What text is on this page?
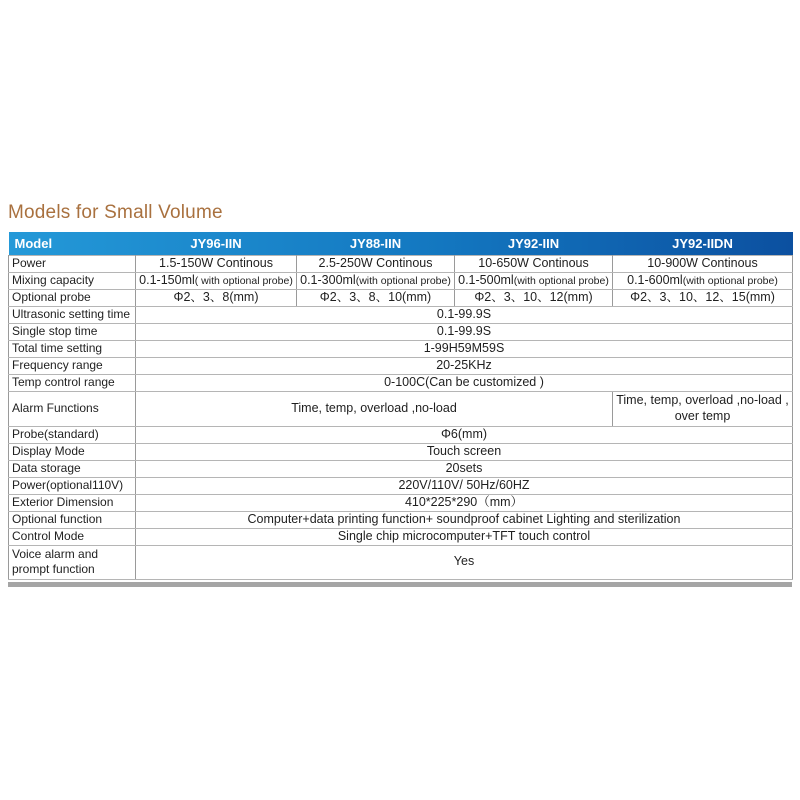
Models for Small Volume
Model	JY96-IIN	JY88-IIN	JY92-IIN	JY92-IIDN
Power	1.5-150W Continous	2.5-250W Continous	10-650W Continous	10-900W Continous
Mixing capacity	0.1-150ml( with optional probe)	0.1-300ml(with optional probe)	0.1-500ml(with optional probe)	0.1-600ml(with optional probe)
Optional probe	Φ2、3、8(mm)	Φ2、3、8、10(mm)	Φ2、3、10、12(mm)	Φ2、3、10、12、15(mm)
Ultrasonic setting time	0.1-99.9S			
Single stop time	0.1-99.9S			
Total time setting	1-99H59M59S			
Frequency range	20-25KHz			
Temp control range	0-100C(Can be customized )			
Alarm Functions	Time, temp, overload ,no-load			Time, temp, overload ,no-load , over temp
Probe(standard)	Φ6(mm)			
Display Mode	Touch screen			
Data storage	20sets			
Power(optional110V)	220V/110V/ 50Hz/60HZ			
Exterior Dimension	410*225*290（mm）			
Optional function	Computer+data printing function+ soundproof cabinet Lighting and sterilization			
Control Mode	Single chip microcomputer+TFT touch control			
Voice alarm and prompt function	Yes			
